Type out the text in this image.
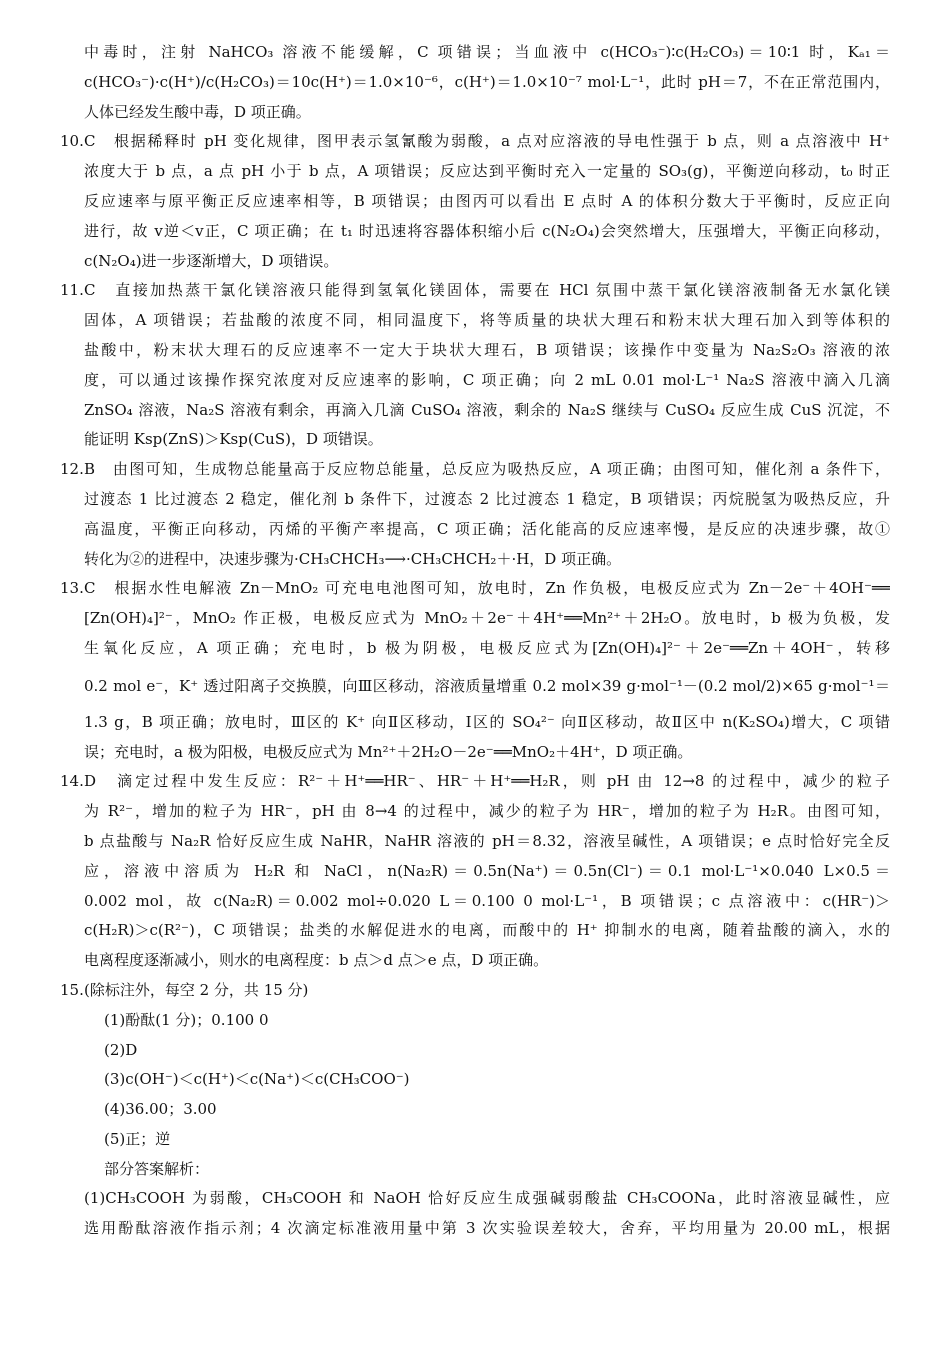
中毒时，注射 NaHCO₃ 溶液不能缓解，C 项错误；当血液中 c(HCO₃⁻)∶c(H₂CO₃)＝10∶1 时，Kₐ₁＝
c(HCO₃⁻)·c(H⁺)/c(H₂CO₃)＝10c(H⁺)＝1.0×10⁻⁶，c(H⁺)＝1.0×10⁻⁷ mol·L⁻¹，此时 pH＝7，不在正常范围内，
人体已经发生酸中毒，D 项正确。
10.C　根据稀释时 pH 变化规律，图甲表示氢氰酸为弱酸，a 点对应溶液的导电性强于 b 点，则 a 点溶液中 H⁺
浓度大于 b 点，a 点 pH 小于 b 点，A 项错误；反应达到平衡时充入一定量的 SO₃(g)，平衡逆向移动，t₀ 时正
反应速率与原平衡正反应速率相等，B 项错误；由图丙可以看出 E 点时 A 的体积分数大于平衡时，反应正向
进行，故 v逆＜v正，C 项正确；在 t₁ 时迅速将容器体积缩小后 c(N₂O₄)会突然增大，压强增大，平衡正向移动，
c(N₂O₄)进一步逐渐增大，D 项错误。
11.C　直接加热蒸干氯化镁溶液只能得到氢氧化镁固体，需要在 HCl 氛围中蒸干氯化镁溶液制备无水氯化镁
固体，A 项错误；若盐酸的浓度不同，相同温度下，将等质量的块状大理石和粉末状大理石加入到等体积的
盐酸中，粉末状大理石的反应速率不一定大于块状大理石，B 项错误；该操作中变量为 Na₂S₂O₃ 溶液的浓
度，可以通过该操作探究浓度对反应速率的影响，C 项正确；向 2 mL 0.01 mol·L⁻¹ Na₂S 溶液中滴入几滴
ZnSO₄ 溶液，Na₂S 溶液有剩余，再滴入几滴 CuSO₄ 溶液，剩余的 Na₂S 继续与 CuSO₄ 反应生成 CuS 沉淀，不
能证明 Ksp(ZnS)＞Ksp(CuS)，D 项错误。
12.B　由图可知，生成物总能量高于反应物总能量，总反应为吸热反应，A 项正确；由图可知，催化剂 a 条件下，
过渡态 1 比过渡态 2 稳定，催化剂 b 条件下，过渡态 2 比过渡态 1 稳定，B 项错误；丙烷脱氢为吸热反应，升
高温度，平衡正向移动，丙烯的平衡产率提高，C 项正确；活化能高的反应速率慢，是反应的决速步骤，故①
转化为②的进程中，决速步骤为·CH₃CHCH₃⟶·CH₃CHCH₂＋·H，D 项正确。
13.C　根据水性电解液 Zn－MnO₂ 可充电电池图可知，放电时，Zn 作负极，电极反应式为 Zn－2e⁻＋4OH⁻══
[Zn(OH)₄]²⁻，MnO₂ 作正极，电极反应式为 MnO₂＋2e⁻＋4H⁺══Mn²⁺＋2H₂O。放电时，b 极为负极，发
生氧化反应，A 项正确；充电时，b 极为阴极，电极反应式为[Zn(OH)₄]²⁻＋2e⁻══Zn＋4OH⁻，转移
0.2 mol e⁻，K⁺ 透过阳离子交换膜，向Ⅲ区移动，溶液质量增重 0.2 mol×39 g·mol⁻¹－(0.2 mol/2)×65 g·mol⁻¹＝
1.3 g，B 项正确；放电时，Ⅲ区的 K⁺ 向Ⅱ区移动，Ⅰ区的 SO₄²⁻ 向Ⅱ区移动，故Ⅱ区中 n(K₂SO₄)增大，C 项错
误；充电时，a 极为阳极，电极反应式为 Mn²⁺＋2H₂O－2e⁻══MnO₂＋4H⁺，D 项正确。
14.D　滴定过程中发生反应：R²⁻＋H⁺══HR⁻、HR⁻＋H⁺══H₂R，则 pH 由 12→8 的过程中，减少的粒子
为 R²⁻，增加的粒子为 HR⁻，pH 由 8→4 的过程中，减少的粒子为 HR⁻，增加的粒子为 H₂R。由图可知，
b 点盐酸与 Na₂R 恰好反应生成 NaHR，NaHR 溶液的 pH＝8.32，溶液呈碱性，A 项错误；e 点时恰好完全反
应，溶液中溶质为 H₂R 和 NaCl，n(Na₂R)＝0.5n(Na⁺)＝0.5n(Cl⁻)＝0.1 mol·L⁻¹×0.040 L×0.5＝
0.002 mol，故 c(Na₂R)＝0.002 mol÷0.020 L＝0.100 0 mol·L⁻¹，B 项错误；c 点溶液中：c(HR⁻)＞
c(H₂R)＞c(R²⁻)，C 项错误；盐类的水解促进水的电离，而酸中的 H⁺ 抑制水的电离，随着盐酸的滴入，水的
电离程度逐渐减小，则水的电离程度：b 点＞d 点＞e 点，D 项正确。
15.(除标注外，每空 2 分，共 15 分)
(1)酚酞(1 分)；0.100 0
(2)D
(3)c(OH⁻)＜c(H⁺)＜c(Na⁺)＜c(CH₃COO⁻)
(4)36.00；3.00
(5)正；逆
部分答案解析：
(1)CH₃COOH 为弱酸，CH₃COOH 和 NaOH 恰好反应生成强碱弱酸盐 CH₃COONa，此时溶液显碱性，应
选用酚酞溶液作指示剂；4 次滴定标准液用量中第 3 次实验误差较大，舍弃，平均用量为 20.00 mL，根据
